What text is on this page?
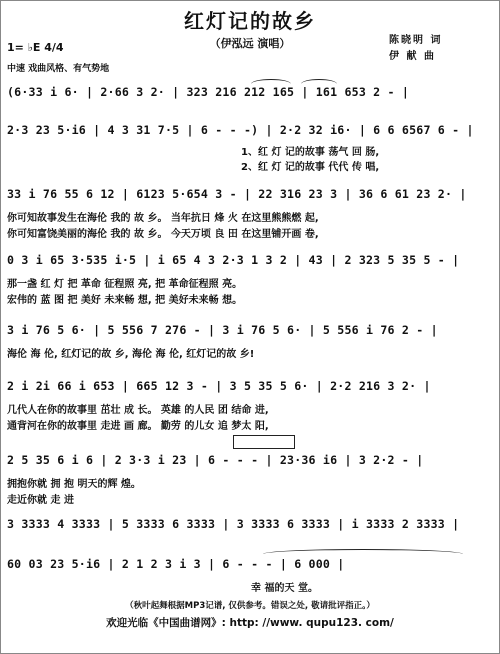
红灯记的故乡
（伊泓远 演唱）	陈晓明 词
伊 献 曲
1= ♭E 4/4
中速 戏曲风格、有气势地
(6·33 i 6· | 2·66 3 2· | 323 216 212 165 | 161 653 2 - |
2·3 23 5·i6 | 4 3 31 7·5 | 6 - - -) | 2·2 32 i6· | 6 6 6567 6 - |
1、红 灯 记的故事 荡气 回 肠,
2、红 灯 记的故事 代代 传 唱,
33 i 76 55 6 12 | 6123 5·654 3 - | 22 316 23 3 | 36 6 61 23 2· |
你可知故事发生在海伦 我的 故 乡。 当年抗日 烽 火 在这里熊熊燃 起,
你可知富饶美丽的海伦 我的 故 乡。 今天万顷 良 田 在这里铺开画 卷,
0 3 i 65 3·535 i·5 | i 65 4 3 2·3 1 3 2 | 43 | 2 323 5 35 5 - |
那一盏 红 灯 把 革命 征程照 亮, 把 革命征程照 亮。
宏伟的 蓝 图 把 美好 未来畅 想, 把 美好未来畅 想。
3 i 76 5 6· | 5 556 7 276 - | 3 i 76 5 6· | 5 556 i 76 2 - |
海伦 海 伦, 红灯记的故 乡, 海伦 海 伦, 红灯记的故 乡!
2 i 2i 66 i 653 | 665 12 3 - | 3 5 35 5 6· | 2·2 216 3 2· |
几代人在你的故事里 茁壮 成 长。 英雄 的人民 团 结命 进,
通背河在你的故事里 走进 画 廊。 勤劳 的儿女 追 梦太 阳,
2 5 35 6 i 6 | 2 3·3 i 23 | 6 - - - | 23·36 i6 | 3 2·2 - |
拥抱你就 拥 抱 明天的辉 煌。
走近你就 走 进
3 3333 4 3333 | 5 3333 6 3333 | 3 3333 6 3333 | i 3333 2 3333 |
60 03 23 5·i6 | 2 1 2 3 i 3 | 6 - - - | 6 000 |
幸 福的天 堂。
（秋叶起舞根据MP3记谱, 仅供参考。错误之处, 敬请批评指正。）
欢迎光临《中国曲谱网》: http: //www. qupu123. com/
